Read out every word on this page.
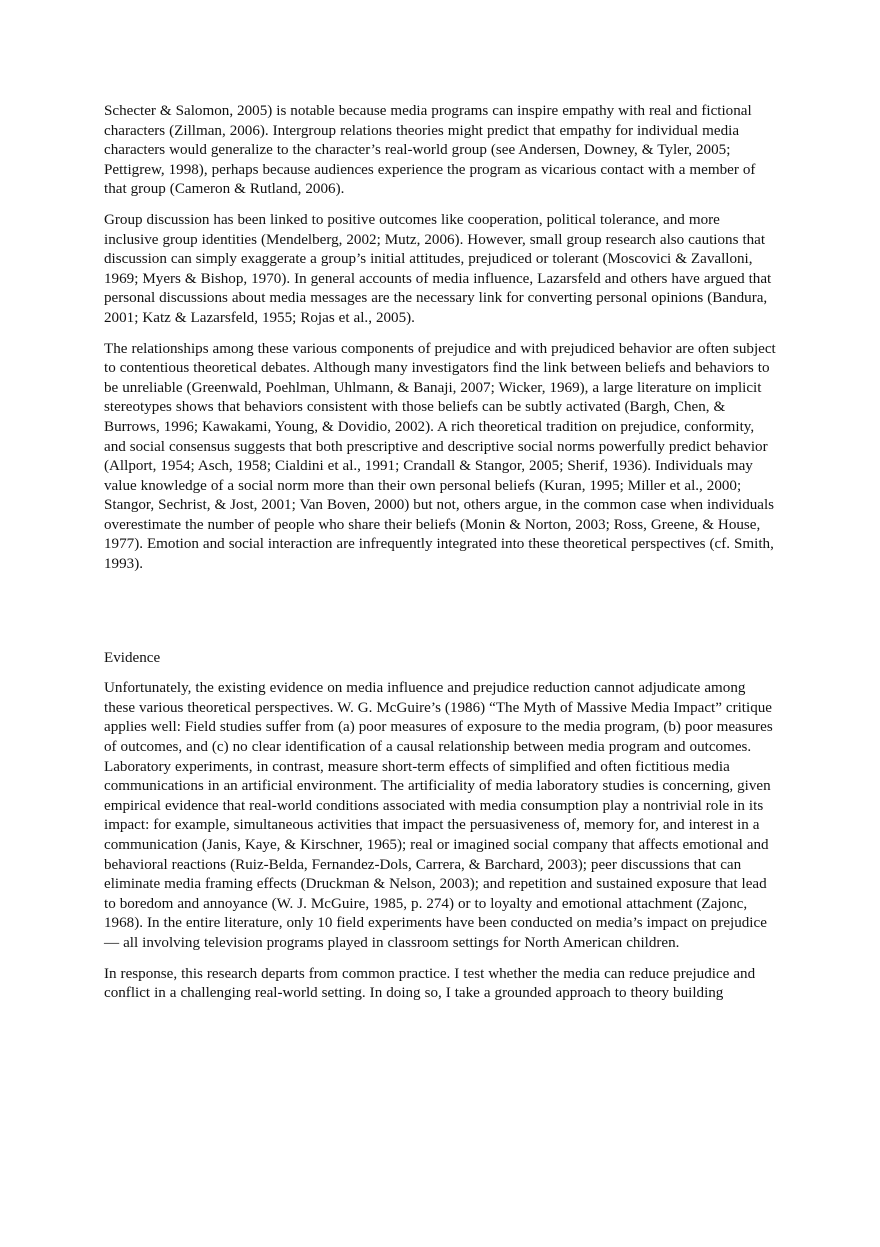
Schecter & Salomon, 2005) is notable because media programs can inspire empathy with real and fictional characters (Zillman, 2006). Intergroup relations theories might predict that empathy for individual media characters would generalize to the character’s real-world group (see Andersen, Downey, & Tyler, 2005; Pettigrew, 1998), perhaps because audiences experience the program as vicarious contact with a member of that group (Cameron & Rutland, 2006).

Group discussion has been linked to positive outcomes like cooperation, political tolerance, and more inclusive group identities (Mendelberg, 2002; Mutz, 2006). However, small group research also cautions that discussion can simply exaggerate a group’s initial attitudes, prejudiced or tolerant (Moscovici & Zavalloni, 1969; Myers & Bishop, 1970). In general accounts of media influence, Lazarsfeld and others have argued that personal discussions about media messages are the necessary link for converting personal opinions (Bandura, 2001; Katz & Lazarsfeld, 1955; Rojas et al., 2005).

The relationships among these various components of prejudice and with prejudiced behavior are often subject to contentious theoretical debates. Although many investigators find the link between beliefs and behaviors to be unreliable (Greenwald, Poehlman, Uhlmann, & Banaji, 2007; Wicker, 1969), a large literature on implicit stereotypes shows that behaviors consistent with those beliefs can be subtly activated (Bargh, Chen, & Burrows, 1996; Kawakami, Young, & Dovidio, 2002). A rich theoretical tradition on prejudice, conformity, and social consensus suggests that both prescriptive and descriptive social norms powerfully predict behavior (Allport, 1954; Asch, 1958; Cialdini et al., 1991; Crandall & Stangor, 2005; Sherif, 1936). Individuals may value knowledge of a social norm more than their own personal beliefs (Kuran, 1995; Miller et al., 2000; Stangor, Sechrist, & Jost, 2001; Van Boven, 2000) but not, others argue, in the common case when individuals overestimate the number of people who share their beliefs (Monin & Norton, 2003; Ross, Greene, & House, 1977). Emotion and social interaction are infrequently integrated into these theoretical perspectives (cf. Smith, 1993).

Evidence

Unfortunately, the existing evidence on media influence and prejudice reduction cannot adjudicate among these various theoretical perspectives. W. G. McGuire’s (1986) “The Myth of Massive Media Impact” critique applies well: Field studies suffer from (a) poor measures of exposure to the media program, (b) poor measures of outcomes, and (c) no clear identification of a causal relationship between media program and outcomes. Laboratory experiments, in contrast, measure short-term effects of simplified and often fictitious media communications in an artificial environment. The artificiality of media laboratory studies is concerning, given empirical evidence that real-world conditions associated with media consumption play a nontrivial role in its impact: for example, simultaneous activities that impact the persuasiveness of, memory for, and interest in a communication (Janis, Kaye, & Kirschner, 1965); real or imagined social company that affects emotional and behavioral reactions (Ruiz-Belda, Fernandez-Dols, Carrera, & Barchard, 2003); peer discussions that can eliminate media framing effects (Druckman & Nelson, 2003); and repetition and sustained exposure that lead to boredom and annoyance (W. J. McGuire, 1985, p. 274) or to loyalty and emotional attachment (Zajonc, 1968). In the entire literature, only 10 field experiments have been conducted on media’s impact on prejudice — all involving television programs played in classroom settings for North American children.

In response, this research departs from common practice. I test whether the media can reduce prejudice and conflict in a challenging real-world setting. In doing so, I take a grounded approach to theory building
